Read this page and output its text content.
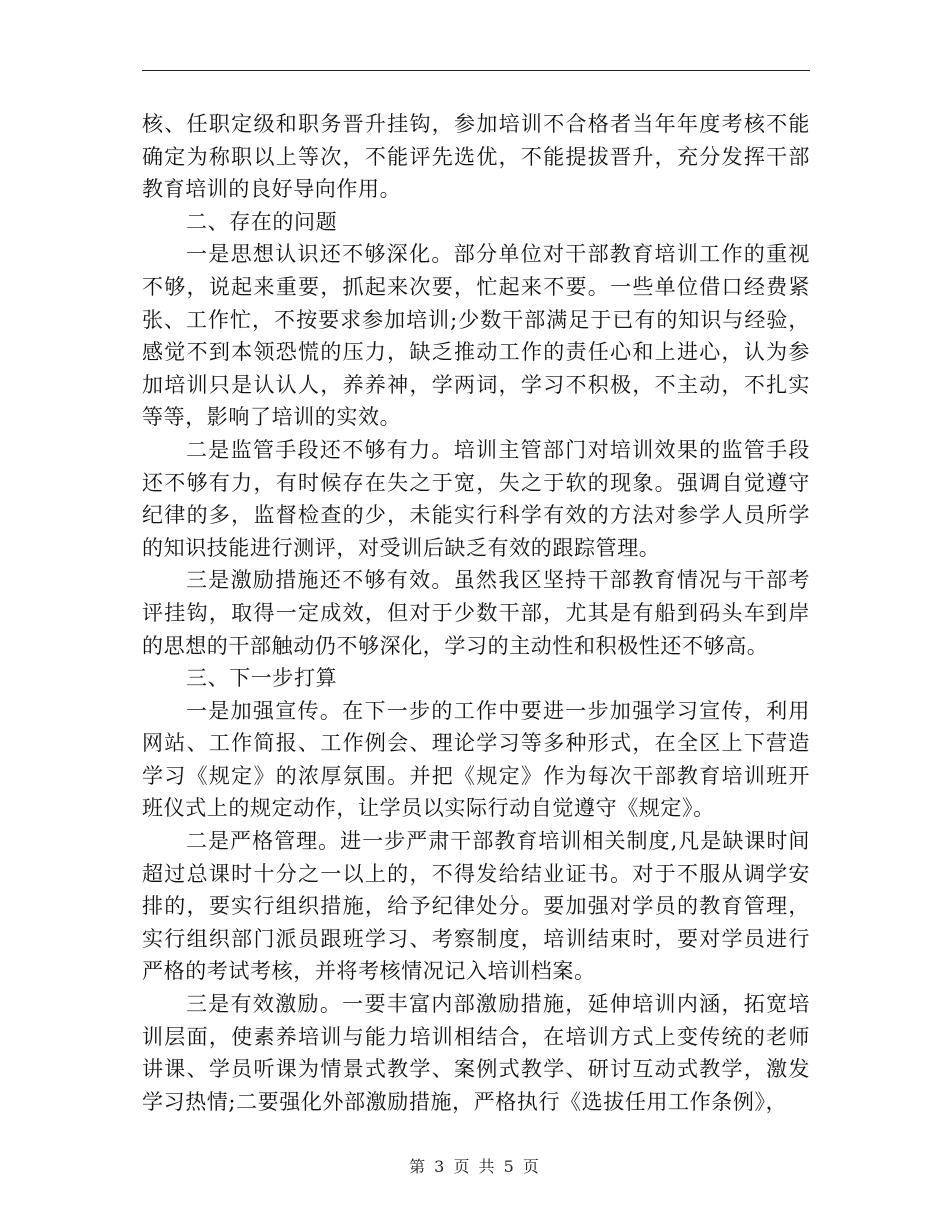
核、任职定级和职务晋升挂钩，参加培训不合格者当年年度考核不能确定为称职以上等次，不能评先选优，不能提拔晋升，充分发挥干部教育培训的良好导向作用。

二、存在的问题

一是思想认识还不够深化。部分单位对干部教育培训工作的重视不够，说起来重要，抓起来次要，忙起来不要。一些单位借口经费紧张、工作忙，不按要求参加培训;少数干部满足于已有的知识与经验，感觉不到本领恐慌的压力，缺乏推动工作的责任心和上进心，认为参加培训只是认认人，养养神，学两词，学习不积极，不主动，不扎实等等，影响了培训的实效。

二是监管手段还不够有力。培训主管部门对培训效果的监管手段还不够有力，有时候存在失之于宽，失之于软的现象。强调自觉遵守纪律的多，监督检查的少，未能实行科学有效的方法对参学人员所学的知识技能进行测评，对受训后缺乏有效的跟踪管理。

三是激励措施还不够有效。虽然我区坚持干部教育情况与干部考评挂钩，取得一定成效，但对于少数干部，尤其是有船到码头车到岸的思想的干部触动仍不够深化，学习的主动性和积极性还不够高。

三、下一步打算

一是加强宣传。在下一步的工作中要进一步加强学习宣传，利用网站、工作简报、工作例会、理论学习等多种形式，在全区上下营造学习《规定》的浓厚氛围。并把《规定》作为每次干部教育培训班开班仪式上的规定动作，让学员以实际行动自觉遵守《规定》。

二是严格管理。进一步严肃干部教育培训相关制度,凡是缺课时间超过总课时十分之一以上的，不得发给结业证书。对于不服从调学安排的，要实行组织措施，给予纪律处分。要加强对学员的教育管理，实行组织部门派员跟班学习、考察制度，培训结束时，要对学员进行严格的考试考核，并将考核情况记入培训档案。

三是有效激励。一要丰富内部激励措施，延伸培训内涵，拓宽培训层面，使素养培训与能力培训相结合，在培训方式上变传统的老师讲课、学员听课为情景式教学、案例式教学、研讨互动式教学，激发学习热情;二要强化外部激励措施，严格执行《选拔任用工作条例》，

第 3 页 共 5 页
